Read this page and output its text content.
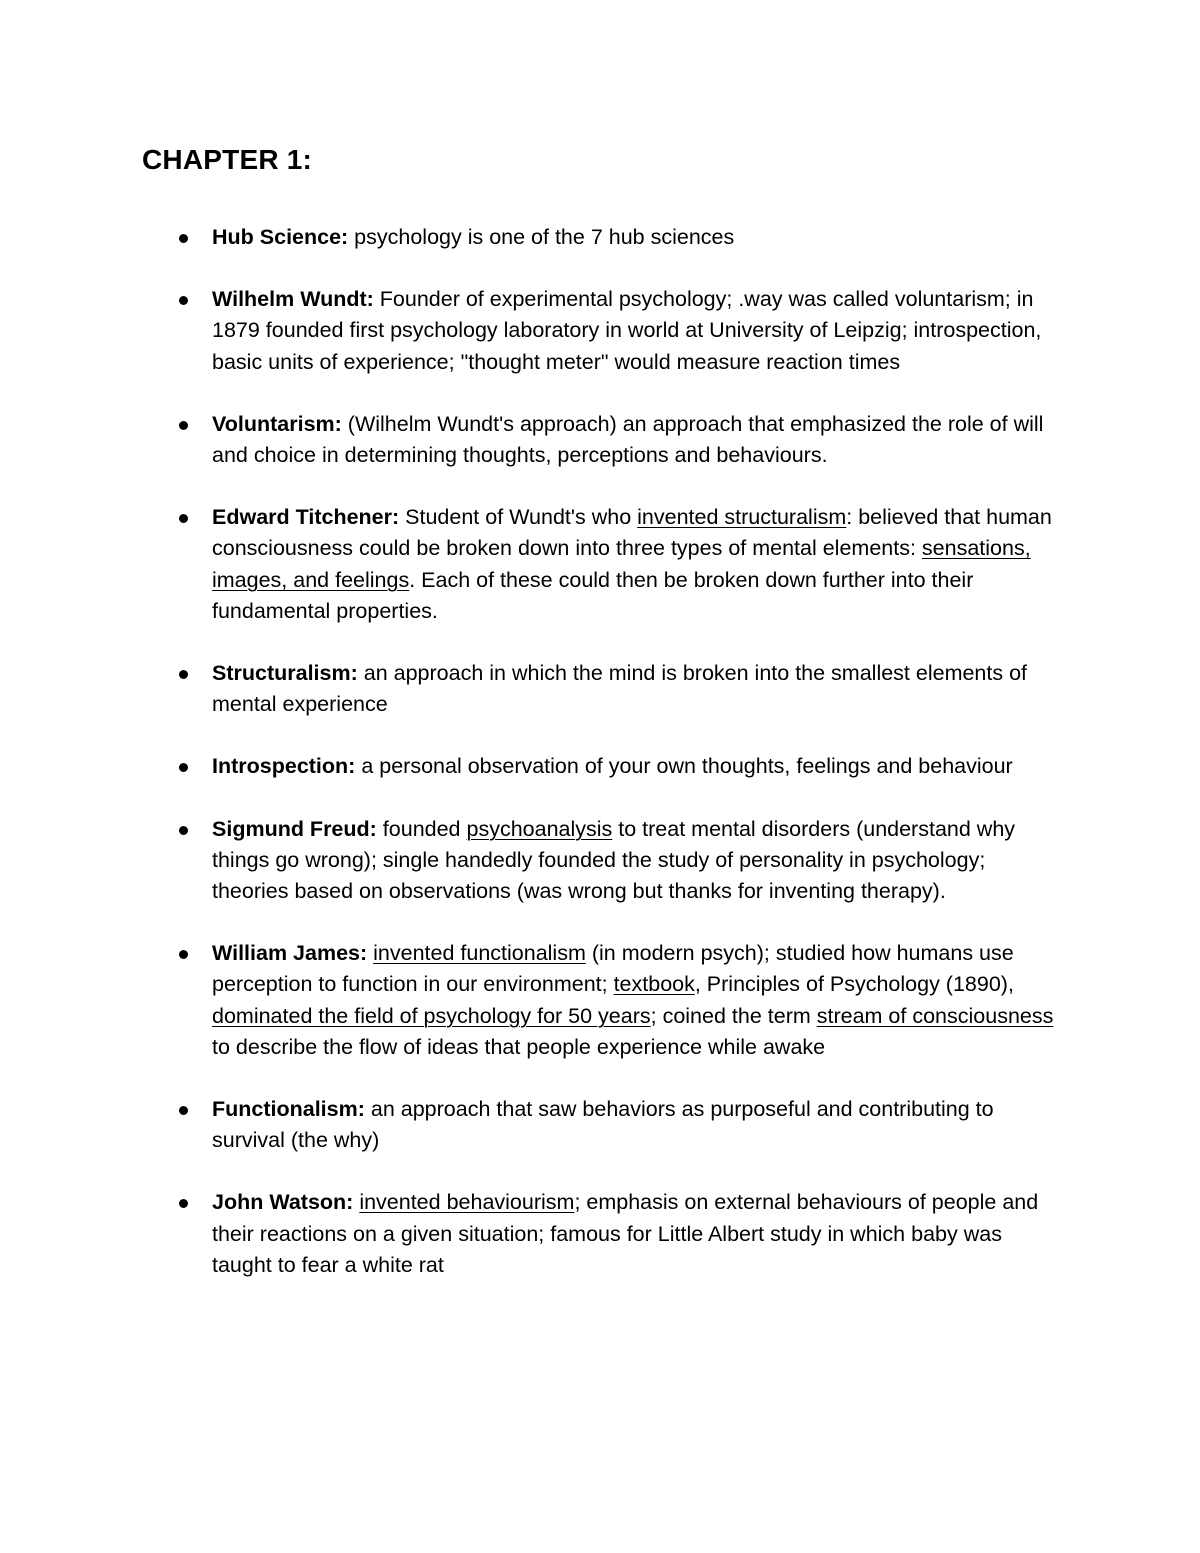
CHAPTER 1:
Hub Science: psychology is one of the 7 hub sciences
Wilhelm Wundt: Founder of experimental psychology; .way was called voluntarism; in 1879 founded first psychology laboratory in world at University of Leipzig; introspection, basic units of experience; "thought meter" would measure reaction times
Voluntarism: (Wilhelm Wundt's approach) an approach that emphasized the role of will and choice in determining thoughts, perceptions and behaviours.
Edward Titchener: Student of Wundt's who invented structuralism: believed that human consciousness could be broken down into three types of mental elements: sensations, images, and feelings. Each of these could then be broken down further into their fundamental properties.
Structuralism: an approach in which the mind is broken into the smallest elements of mental experience
Introspection: a personal observation of your own thoughts, feelings and behaviour
Sigmund Freud: founded psychoanalysis to treat mental disorders (understand why things go wrong); single handedly founded the study of personality in psychology; theories based on observations (was wrong but thanks for inventing therapy).
William James: invented functionalism (in modern psych); studied how humans use perception to function in our environment; textbook, Principles of Psychology (1890), dominated the field of psychology for 50 years; coined the term stream of consciousness to describe the flow of ideas that people experience while awake
Functionalism: an approach that saw behaviors as purposeful and contributing to survival (the why)
John Watson: invented behaviourism; emphasis on external behaviours of people and their reactions on a given situation; famous for Little Albert study in which baby was taught to fear a white rat
